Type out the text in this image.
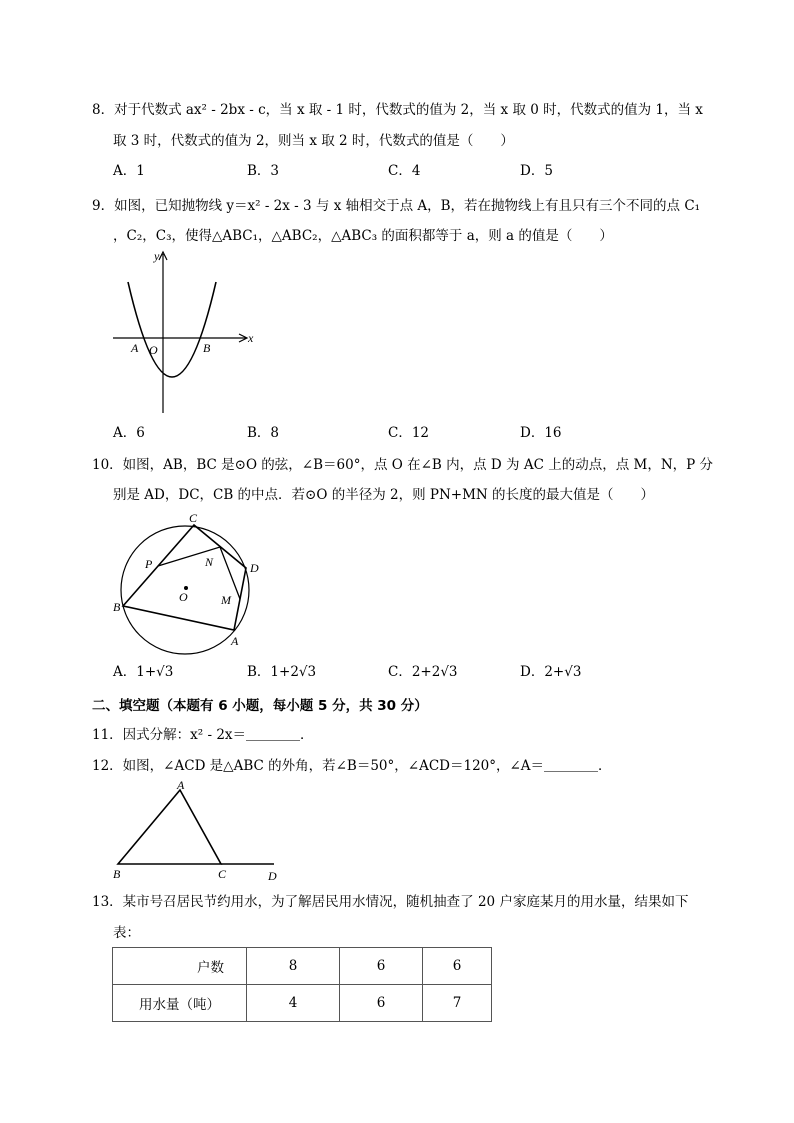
8．对于代数式 ax² - 2bx - c，当 x 取 - 1 时，代数式的值为 2，当 x 取 0 时，代数式的值为 1，当 x
取 3 时，代数式的值为 2，则当 x 取 2 时，代数式的值是（　　）
A．1	B．3	C．4	D．5
9．如图，已知抛物线 y＝x² - 2x - 3 与 x 轴相交于点 A，B，若在抛物线上有且只有三个不同的点 C₁
，C₂，C₃，使得△ABC₁，△ABC₂，△ABC₃ 的面积都等于 a，则 a 的值是（　　）
y
x
A O	B
A．6	B．8	C．12	D．16
10．如图，AB，BC 是⊙O 的弦，∠B＝60°，点 O 在∠B 内，点 D 为 AC 上的动点，点 M，N，P 分
别是 AD，DC，CB 的中点．若⊙O 的半径为 2，则 PN+MN 的长度的最大值是（　　）
C
P	N	D
O	M
B
A
A．1+√3	B．1+2√3	C．2+2√3	D．2+√3
二、填空题（本题有 6 小题，每小题 5 分，共 30 分）
11．因式分解：x² - 2x＝＿＿＿＿．
12．如图，∠ACD 是△ABC 的外角，若∠B＝50°，∠ACD＝120°，∠A＝＿＿＿＿．
A
B	C	D
13．某市号召居民节约用水，为了解居民用水情况，随机抽查了 20 户家庭某月的用水量，结果如下
表：
户数	8	6	6
用水量（吨）	4	6	7
